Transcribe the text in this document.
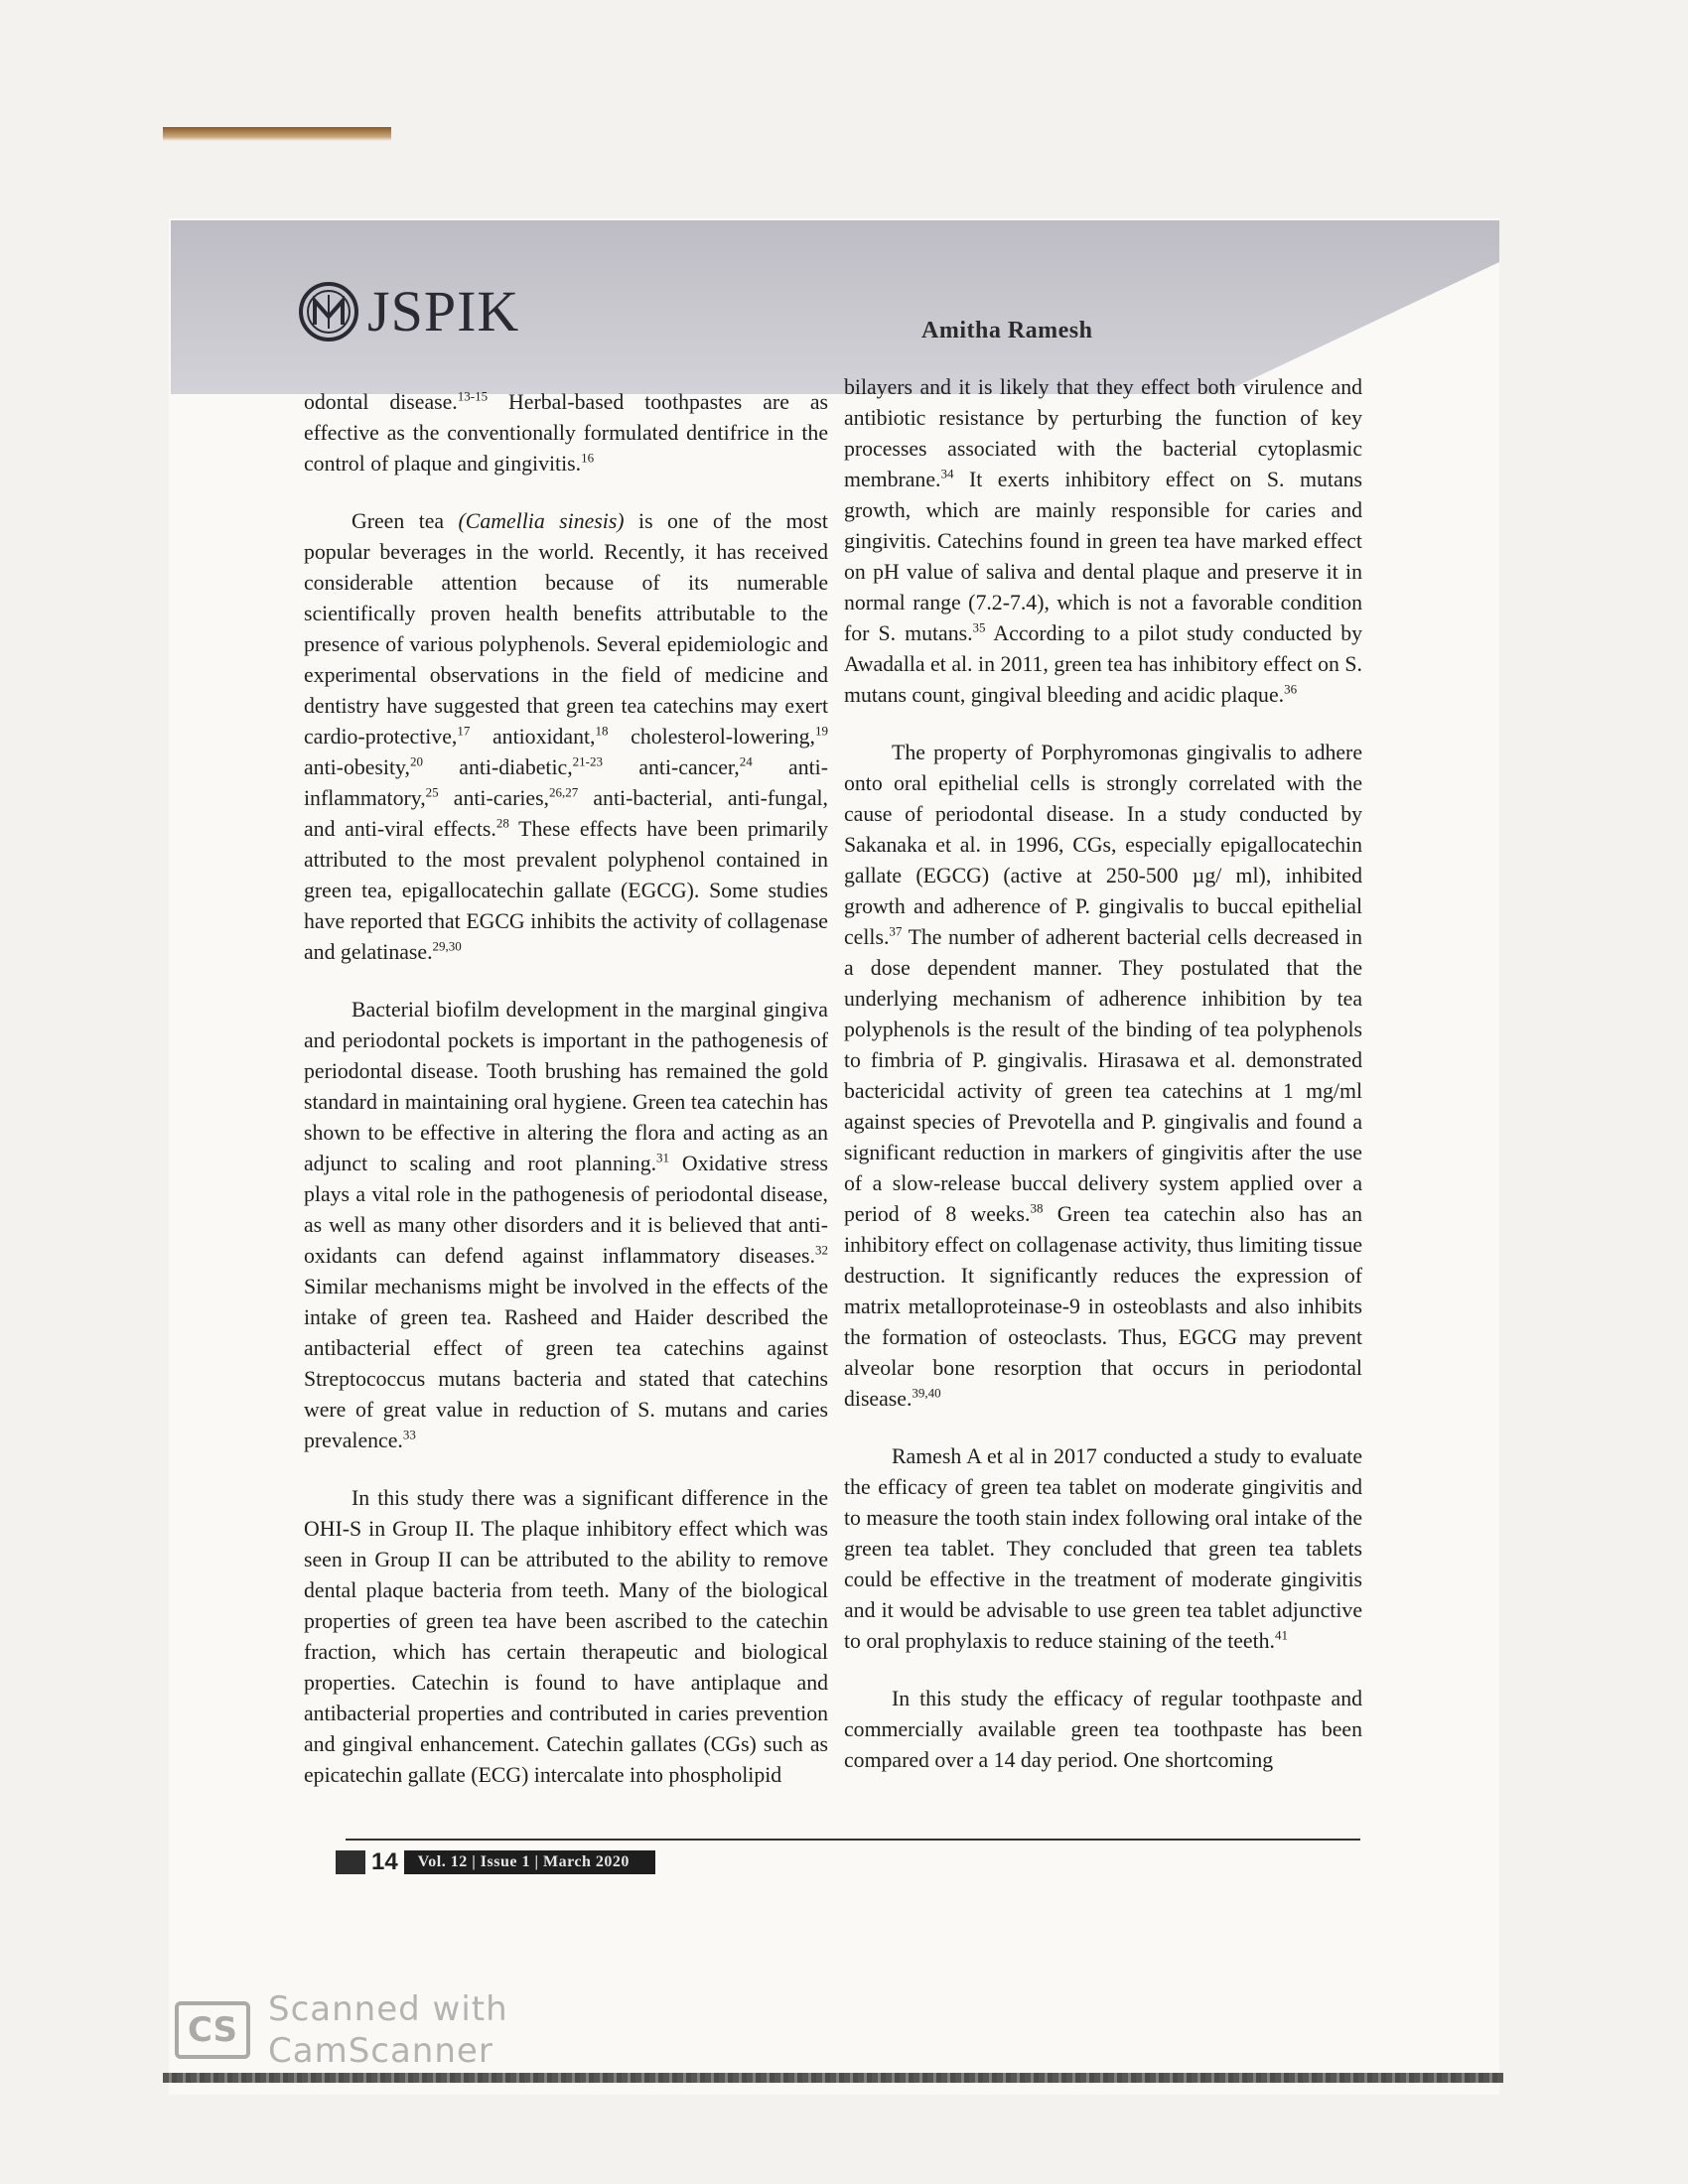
JSPIK	Amitha Ramesh

odontal disease.$^{13-15}$ Herbal-based toothpastes are as effective as the conventionally formulated dentifrice in the control of plaque and gingivitis.$^{16}$

Green tea (Camellia sinesis) is one of the most popular beverages in the world. Recently, it has received considerable attention because of its numerable scientifically proven health benefits attributable to the presence of various polyphenols. Several epidemiologic and experimental observations in the field of medicine and dentistry have suggested that green tea catechins may exert cardio-protective,$^{17}$ antioxidant,$^{18}$ cholesterol-lowering,$^{19}$ anti-obesity,$^{20}$ anti-diabetic,$^{21-23}$ anti-cancer,$^{24}$ anti-inflammatory,$^{25}$ anti-caries,$^{26,27}$ anti-bacterial, anti-fungal, and anti-viral effects.$^{28}$ These effects have been primarily attributed to the most prevalent polyphenol contained in green tea, epigallocatechin gallate (EGCG). Some studies have reported that EGCG inhibits the activity of collagenase and gelatinase.$^{29,30}$

Bacterial biofilm development in the marginal gingiva and periodontal pockets is important in the pathogenesis of periodontal disease. Tooth brushing has remained the gold standard in maintaining oral hygiene. Green tea catechin has shown to be effective in altering the flora and acting as an adjunct to scaling and root planning.$^{31}$ Oxidative stress plays a vital role in the pathogenesis of periodontal disease, as well as many other disorders and it is believed that antioxidants can defend against inflammatory diseases.$^{32}$ Similar mechanisms might be involved in the effects of the intake of green tea. Rasheed and Haider described the antibacterial effect of green tea catechins against Streptococcus mutans bacteria and stated that catechins were of great value in reduction of S. mutans and caries prevalence.$^{33}$

In this study there was a significant difference in the OHI-S in Group II. The plaque inhibitory effect which was seen in Group II can be attributed to the ability to remove dental plaque bacteria from teeth. Many of the biological properties of green tea have been ascribed to the catechin fraction, which has certain therapeutic and biological properties. Catechin is found to have antiplaque and antibacterial properties and contributed in caries prevention and gingival enhancement. Catechin gallates (CGs) such as epicatechin gallate (ECG) intercalate into phospholipid

bilayers and it is likely that they effect both virulence and antibiotic resistance by perturbing the function of key processes associated with the bacterial cytoplasmic membrane.$^{34}$ It exerts inhibitory effect on S. mutans growth, which are mainly responsible for caries and gingivitis. Catechins found in green tea have marked effect on pH value of saliva and dental plaque and preserve it in normal range (7.2-7.4), which is not a favorable condition for S. mutans.$^{35}$ According to a pilot study conducted by Awadalla et al. in 2011, green tea has inhibitory effect on S. mutans count, gingival bleeding and acidic plaque.$^{36}$

The property of Porphyromonas gingivalis to adhere onto oral epithelial cells is strongly correlated with the cause of periodontal disease. In a study conducted by Sakanaka et al. in 1996, CGs, especially epigallocatechin gallate (EGCG) (active at 250-500 µg/ ml), inhibited growth and adherence of P. gingivalis to buccal epithelial cells.$^{37}$ The number of adherent bacterial cells decreased in a dose dependent manner. They postulated that the underlying mechanism of adherence inhibition by tea polyphenols is the result of the binding of tea polyphenols to fimbria of P. gingivalis. Hirasawa et al. demonstrated bactericidal activity of green tea catechins at 1 mg/ml against species of Prevotella and P. gingivalis and found a significant reduction in markers of gingivitis after the use of a slow-release buccal delivery system applied over a period of 8 weeks.$^{38}$ Green tea catechin also has an inhibitory effect on collagenase activity, thus limiting tissue destruction. It significantly reduces the expression of matrix metalloproteinase-9 in osteoblasts and also inhibits the formation of osteoclasts. Thus, EGCG may prevent alveolar bone resorption that occurs in periodontal disease.$^{39,40}$

Ramesh A et al in 2017 conducted a study to evaluate the efficacy of green tea tablet on moderate gingivitis and to measure the tooth stain index following oral intake of the green tea tablet. They concluded that green tea tablets could be effective in the treatment of moderate gingivitis and it would be advisable to use green tea tablet adjunctive to oral prophylaxis to reduce staining of the teeth.$^{41}$

In this study the efficacy of regular toothpaste and commercially available green tea toothpaste has been compared over a 14 day period. One shortcoming

14	Vol. 12 | Issue 1 | March 2020
CS
Scanned with
CamScanner
